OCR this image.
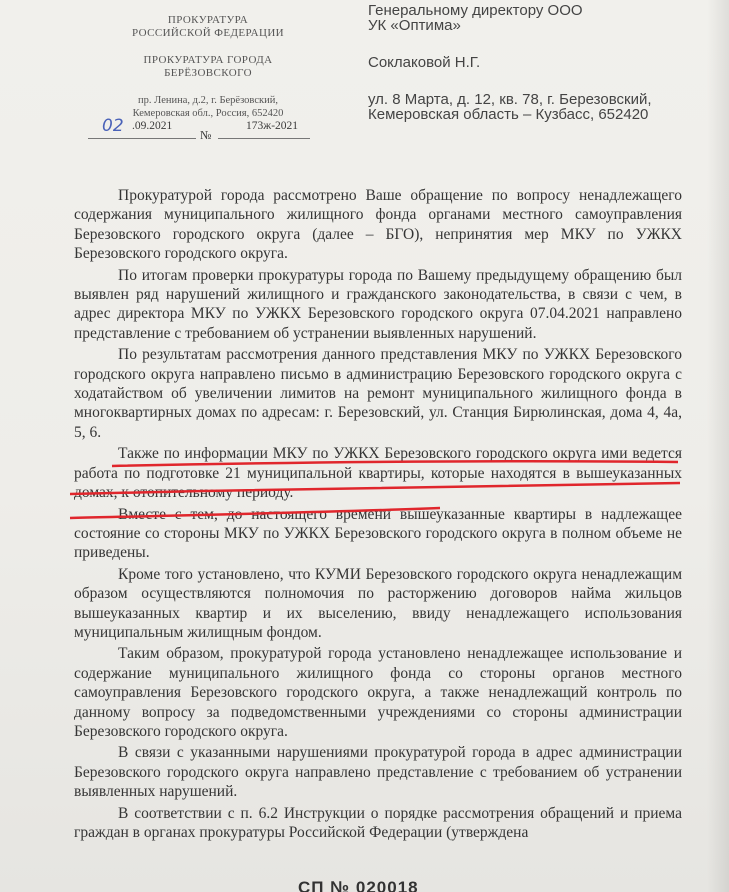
ПРОКУРАТУРА
РОССИЙСКОЙ ФЕДЕРАЦИИ
ПРОКУРАТУРА ГОРОДА
БЕРЁЗОВСКОГО
пр. Ленина, д.2, г. Берёзовский,
Кемеровская обл., Россия, 652420
02 .09.2021	173ж-2021
№

Генеральному директору ООО

УК «Оптима»

Соклаковой Н.Г.

ул. 8 Марта, д. 12, кв. 78, г. Березовский,

Кемеровская область – Кузбасс, 652420

Прокуратурой города рассмотрено Ваше обращение по вопросу ненадлежащего содержания муниципального жилищного фонда органами местного самоуправления Березовского городского округа (далее – БГО), непринятия мер МКУ по УЖКХ Березовского городского округа.

По итогам проверки прокуратуры города по Вашему предыдущему обращению был выявлен ряд нарушений жилищного и гражданского законодательства, в связи с чем, в адрес директора МКУ по УЖКХ Березовского городского округа 07.04.2021 направлено представление с требованием об устранении выявленных нарушений.

По результатам рассмотрения данного представления МКУ по УЖКХ Березовского городского округа направлено письмо в администрацию Березовского городского округа с ходатайством об увеличении лимитов на ремонт муниципального жилищного фонда в многоквартирных домах по адресам: г. Березовский, ул. Станция Бирюлинская, дома 4, 4а, 5, 6.

Также по информации МКУ по УЖКХ Березовского городского округа ими ведется работа по подготовке 21 муниципальной квартиры, которые находятся в вышеуказанных домах, к отопительному периоду.

Вместе с тем, до настоящего времени вышеуказанные квартиры в надлежащее состояние со стороны МКУ по УЖКХ Березовского городского округа в полном объеме не приведены.

Кроме того установлено, что КУМИ Березовского городского округа ненадлежащим образом осуществляются полномочия по расторжению договоров найма жильцов вышеуказанных квартир и их выселению, ввиду ненадлежащего использования муниципальным жилищным фондом.

Таким образом, прокуратурой города установлено ненадлежащее использование и содержание муниципального жилищного фонда со стороны органов местного самоуправления Березовского городского округа, а также ненадлежащий контроль по данному вопросу за подведомственными учреждениями со стороны администрации Березовского городского округа.

В связи с указанными нарушениями прокуратурой города в адрес администрации Березовского городского округа направлено представление с требованием об устранении выявленных нарушений.

В соответствии с п. 6.2 Инструкции о порядке рассмотрения обращений и приема граждан в органах прокуратуры Российской Федерации (утверждена

СП № 020018
